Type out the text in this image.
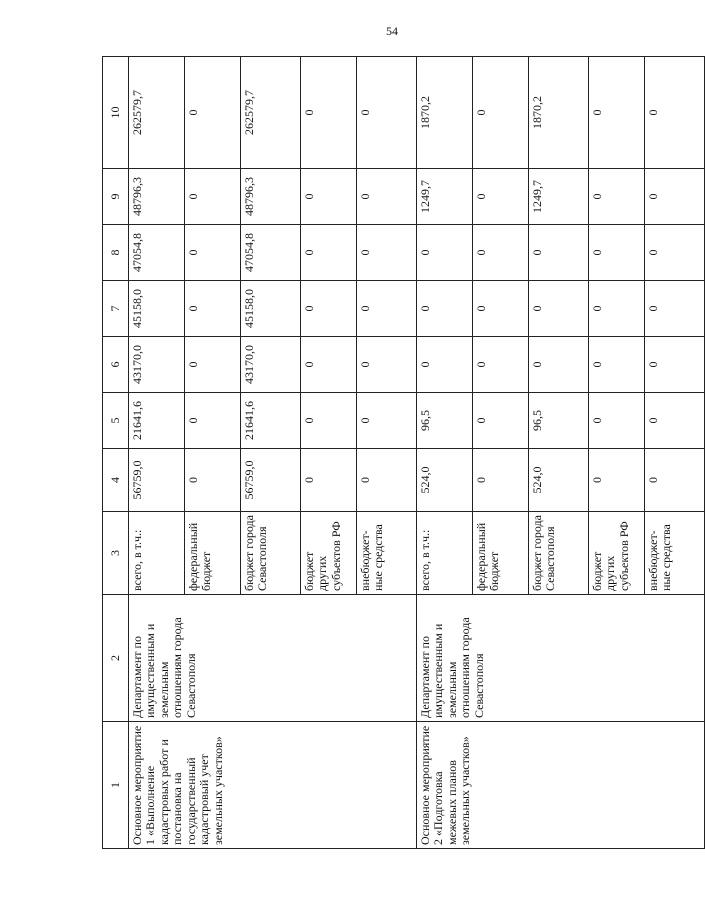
54
1	2	3	4	5	6	7	8	9	10
Основное мероприятие 1 «Выполнение кадастровых работ и постановка на государственный кадастровый учет земельных участков»	Департамент по имущественным и земельным отношениям города Севастополя	всего, в т.ч.:	56759,0	21641,6	43170,0	45158,0	47054,8	48796,3	262579,7
		федеральный бюджет	0	0	0	0	0	0	0
		бюджет города Севастополя	56759,0	21641,6	43170,0	45158,0	47054,8	48796,3	262579,7
		бюджет других субъектов РФ	0	0	0	0	0	0	0
		внебюджет-ные средства	0	0	0	0	0	0	0
Основное мероприятие 2 «Подготовка межевых планов земельных участков»	Департамент по имущественным и земельным отношениям города Севастополя	всего, в т.ч.:	524,0	96,5	0	0	0	1249,7	1870,2
		федеральный бюджет	0	0	0	0	0	0	0
		бюджет города Севастополя	524,0	96,5	0	0	0	1249,7	1870,2
		бюджет других субъектов РФ	0	0	0	0	0	0	0
		внебюджет-ные средства	0	0	0	0	0	0	0
